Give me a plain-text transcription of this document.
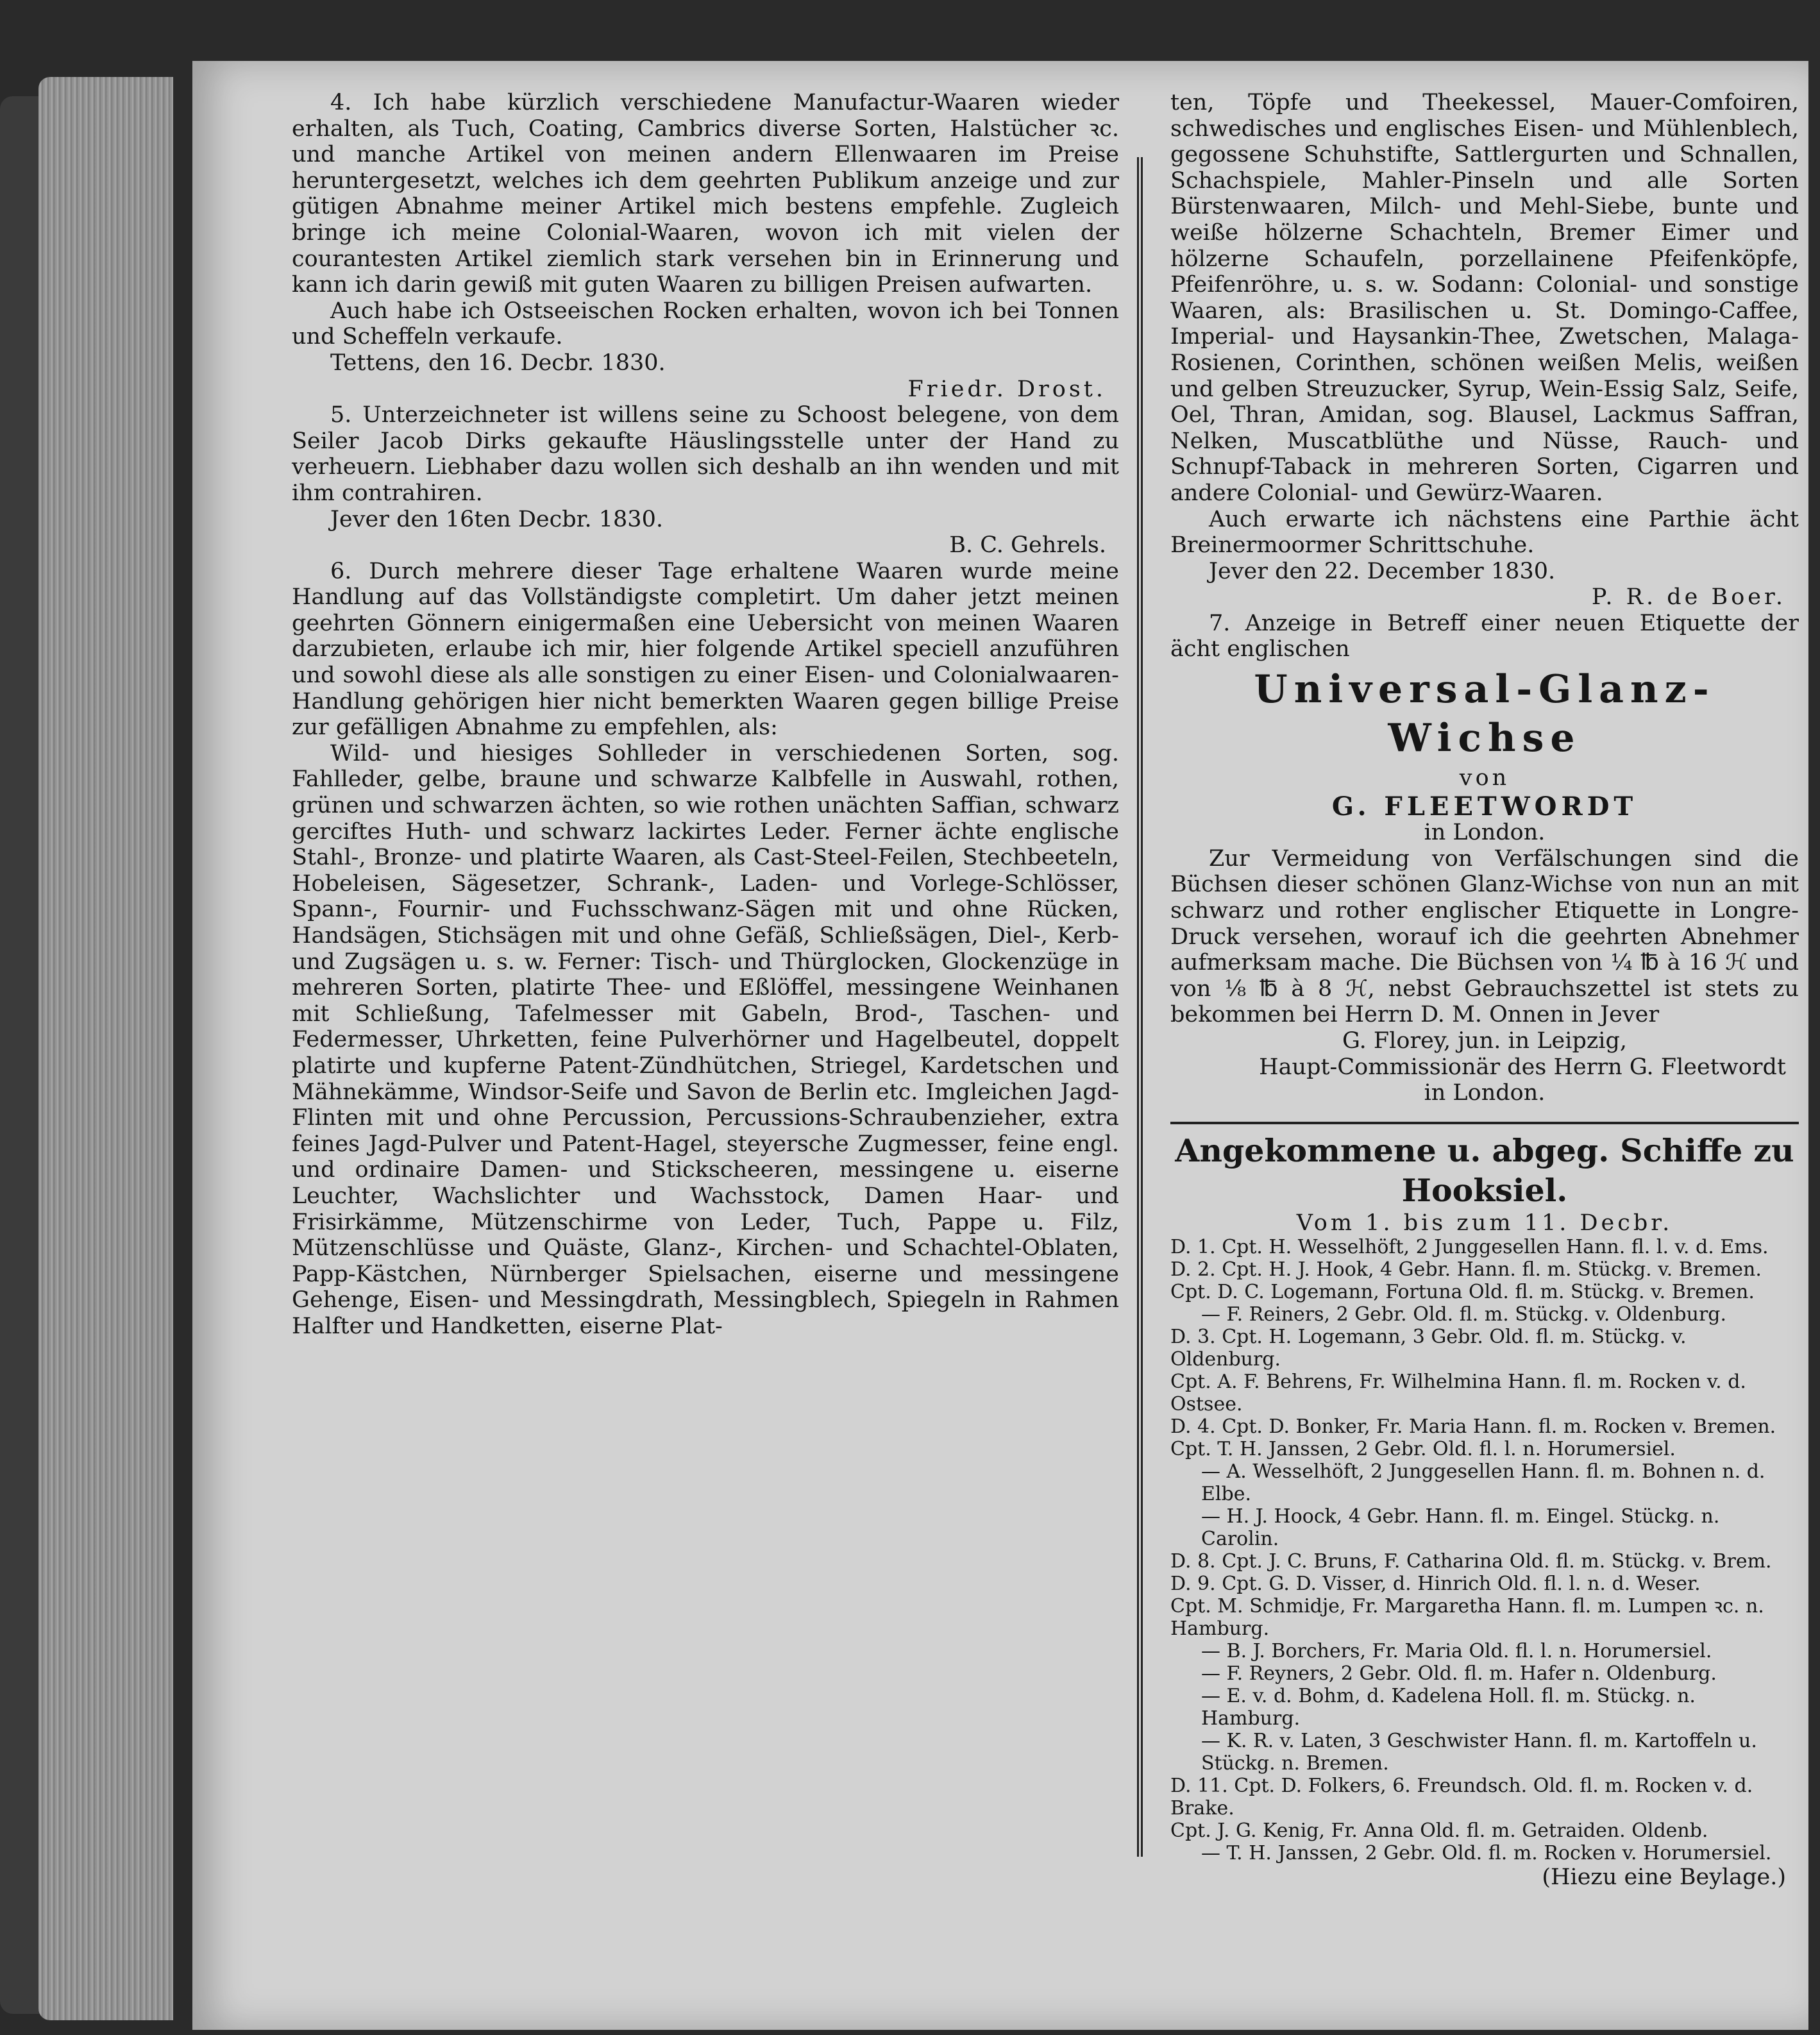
4. Ich habe kürzlich verschiedene Manufactur-Waaren wieder erhalten, als Tuch, Coating, Cambrics diverse Sorten, Halstücher ꝛc. und manche Artikel von meinen andern Ellenwaaren im Preise heruntergesetzt, welches ich dem geehrten Publikum anzeige und zur gütigen Abnahme meiner Artikel mich bestens empfehle. Zugleich bringe ich meine Colonial-Waaren, wovon ich mit vielen der courantesten Artikel ziemlich stark versehen bin in Erinnerung und kann ich darin gewiß mit guten Waaren zu billigen Preisen aufwarten.

Auch habe ich Ostseeischen Rocken erhalten, wovon ich bei Tonnen und Scheffeln verkaufe.

Tettens, den 16. Decbr. 1830.

Friedr. Drost.

5. Unterzeichneter ist willens seine zu Schoost belegene, von dem Seiler Jacob Dirks gekaufte Häuslingsstelle unter der Hand zu verheuern. Liebhaber dazu wollen sich deshalb an ihn wenden und mit ihm contrahiren.

Jever den 16ten Decbr. 1830.

B. C. Gehrels.

6. Durch mehrere dieser Tage erhaltene Waaren wurde meine Handlung auf das Vollständigste completirt. Um daher jetzt meinen geehrten Gönnern einigermaßen eine Uebersicht von meinen Waaren darzubieten, erlaube ich mir, hier folgende Artikel speciell anzuführen und sowohl diese als alle sonstigen zu einer Eisen- und Colonialwaaren-Handlung gehörigen hier nicht bemerkten Waaren gegen billige Preise zur gefälligen Abnahme zu empfehlen, als:

Wild- und hiesiges Sohlleder in verschiedenen Sorten, sog. Fahlleder, gelbe, braune und schwarze Kalbfelle in Auswahl, rothen, grünen und schwarzen ächten, so wie rothen unächten Saffian, schwarz gerciftes Huth- und schwarz lackirtes Leder. Ferner ächte englische Stahl-, Bronze- und platirte Waaren, als Cast-Steel-Feilen, Stechbeeteln, Hobeleisen, Sägesetzer, Schrank-, Laden- und Vorlege-Schlösser, Spann-, Fournir- und Fuchsschwanz-Sägen mit und ohne Rücken, Handsägen, Stichsägen mit und ohne Gefäß, Schließsägen, Diel-, Kerb- und Zugsägen u. s. w. Ferner: Tisch- und Thürglocken, Glockenzüge in mehreren Sorten, platirte Thee- und Eßlöffel, messingene Weinhanen mit Schließung, Tafelmesser mit Gabeln, Brod-, Taschen- und Federmesser, Uhrketten, feine Pulverhörner und Hagelbeutel, doppelt platirte und kupferne Patent-Zündhütchen, Striegel, Kardetschen und Mähnekämme, Windsor-Seife und Savon de Berlin etc. Imgleichen Jagd-Flinten mit und ohne Percussion, Percussions-Schraubenzieher, extra feines Jagd-Pulver und Patent-Hagel, steyersche Zugmesser, feine engl. und ordinaire Damen- und Stickscheeren, messingene u. eiserne Leuchter, Wachslichter und Wachsstock, Damen Haar- und Frisirkämme, Mützenschirme von Leder, Tuch, Pappe u. Filz, Mützenschlüsse und Quäste, Glanz-, Kirchen- und Schachtel-Oblaten, Papp-Kästchen, Nürnberger Spielsachen, eiserne und messingene Gehenge, Eisen- und Messingdrath, Messingblech, Spiegeln in Rahmen Halfter und Handketten, eiserne Plat-

ten, Töpfe und Theekessel, Mauer-Comfoiren, schwedisches und englisches Eisen- und Mühlenblech, gegossene Schuhstifte, Sattlergurten und Schnallen, Schachspiele, Mahler-Pinseln und alle Sorten Bürstenwaaren, Milch- und Mehl-Siebe, bunte und weiße hölzerne Schachteln, Bremer Eimer und hölzerne Schaufeln, porzellainene Pfeifenköpfe, Pfeifenröhre, u. s. w. Sodann: Colonial- und sonstige Waaren, als: Brasilischen u. St. Domingo-Caffee, Imperial- und Haysankin-Thee, Zwetschen, Malaga-Rosienen, Corinthen, schönen weißen Melis, weißen und gelben Streuzucker, Syrup, Wein-Essig Salz, Seife, Oel, Thran, Amidan, sog. Blausel, Lackmus Saffran, Nelken, Muscatblüthe und Nüsse, Rauch- und Schnupf-Taback in mehreren Sorten, Cigarren und andere Colonial- und Gewürz-Waaren.

Auch erwarte ich nächstens eine Parthie ächt Breinermoormer Schrittschuhe.

Jever den 22. December 1830.

P. R. de Boer.

7. Anzeige in Betreff einer neuen Etiquette der ächt englischen

Universal-Glanz-Wichse

von

G. FLEETWORDT

in London.

Zur Vermeidung von Verfälschungen sind die Büchsen dieser schönen Glanz-Wichse von nun an mit schwarz und rother englischer Etiquette in Longre-Druck versehen, worauf ich die geehrten Abnehmer aufmerksam mache. Die Büchsen von ¼ ℔ à 16 ℋ und von ⅛ ℔ à 8 ℋ, nebst Gebrauchszettel ist stets zu bekommen bei Herrn D. M. Onnen in Jever

G. Florey, jun. in Leipzig,

Haupt-Commissionär des Herrn G. Fleetwordt

in London.

Angekommene u. abgeg. Schiffe zu Hooksiel.

Vom 1. bis zum 11. Decbr.

D. 1. Cpt. H. Wesselhöft, 2 Junggesellen Hann. fl. l. v. d. Ems.

D. 2. Cpt. H. J. Hook, 4 Gebr. Hann. fl. m. Stückg. v. Bremen.

Cpt. D. C. Logemann, Fortuna Old. fl. m. Stückg. v. Bremen.

— F. Reiners, 2 Gebr. Old. fl. m. Stückg. v. Oldenburg.

D. 3. Cpt. H. Logemann, 3 Gebr. Old. fl. m. Stückg. v. Oldenburg.

Cpt. A. F. Behrens, Fr. Wilhelmina Hann. fl. m. Rocken v. d. Ostsee.

D. 4. Cpt. D. Bonker, Fr. Maria Hann. fl. m. Rocken v. Bremen.

Cpt. T. H. Janssen, 2 Gebr. Old. fl. l. n. Horumersiel.

— A. Wesselhöft, 2 Junggesellen Hann. fl. m. Bohnen n. d. Elbe.

— H. J. Hoock, 4 Gebr. Hann. fl. m. Eingel. Stückg. n. Carolin.

D. 8. Cpt. J. C. Bruns, F. Catharina Old. fl. m. Stückg. v. Brem.

D. 9. Cpt. G. D. Visser, d. Hinrich Old. fl. l. n. d. Weser.

Cpt. M. Schmidje, Fr. Margaretha Hann. fl. m. Lumpen ꝛc. n. Hamburg.

— B. J. Borchers, Fr. Maria Old. fl. l. n. Horumersiel.

— F. Reyners, 2 Gebr. Old. fl. m. Hafer n. Oldenburg.

— E. v. d. Bohm, d. Kadelena Holl. fl. m. Stückg. n. Hamburg.

— K. R. v. Laten, 3 Geschwister Hann. fl. m. Kartoffeln u. Stückg. n. Bremen.

D. 11. Cpt. D. Folkers, 6. Freundsch. Old. fl. m. Rocken v. d. Brake.

Cpt. J. G. Kenig, Fr. Anna Old. fl. m. Getraiden. Oldenb.

— T. H. Janssen, 2 Gebr. Old. fl. m. Rocken v. Horumersiel.

(Hiezu eine Beylage.)
